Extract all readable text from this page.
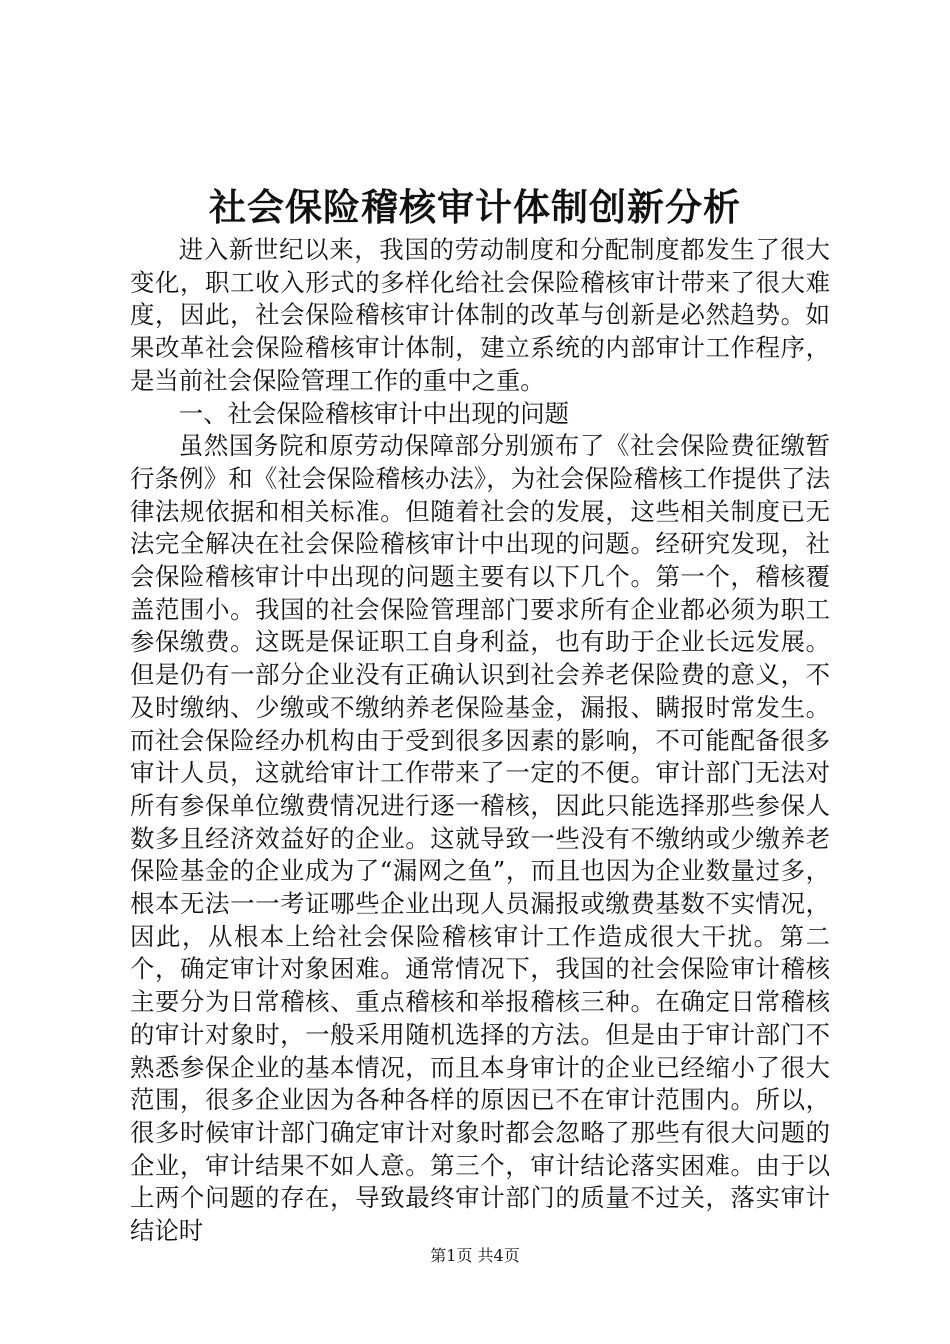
社会保险稽核审计体制创新分析

进入新世纪以来，我国的劳动制度和分配制度都发生了很大变化，职工收入形式的多样化给社会保险稽核审计带来了很大难度，因此，社会保险稽核审计体制的改革与创新是必然趋势。如果改革社会保险稽核审计体制，建立系统的内部审计工作程序，是当前社会保险管理工作的重中之重。

一、社会保险稽核审计中出现的问题

虽然国务院和原劳动保障部分别颁布了《社会保险费征缴暂行条例》和《社会保险稽核办法》，为社会保险稽核工作提供了法律法规依据和相关标准。但随着社会的发展，这些相关制度已无法完全解决在社会保险稽核审计中出现的问题。经研究发现，社会保险稽核审计中出现的问题主要有以下几个。第一个，稽核覆盖范围小。我国的社会保险管理部门要求所有企业都必须为职工参保缴费。这既是保证职工自身利益，也有助于企业长远发展。但是仍有一部分企业没有正确认识到社会养老保险费的意义，不及时缴纳、少缴或不缴纳养老保险基金，漏报、瞒报时常发生。而社会保险经办机构由于受到很多因素的影响，不可能配备很多审计人员，这就给审计工作带来了一定的不便。审计部门无法对所有参保单位缴费情况进行逐一稽核，因此只能选择那些参保人数多且经济效益好的企业。这就导致一些没有不缴纳或少缴养老保险基金的企业成为了“漏网之鱼”，而且也因为企业数量过多，根本无法一一考证哪些企业出现人员漏报或缴费基数不实情况，因此，从根本上给社会保险稽核审计工作造成很大干扰。第二个，确定审计对象困难。通常情况下，我国的社会保险审计稽核主要分为日常稽核、重点稽核和举报稽核三种。在确定日常稽核的审计对象时，一般采用随机选择的方法。但是由于审计部门不熟悉参保企业的基本情况，而且本身审计的企业已经缩小了很大范围，很多企业因为各种各样的原因已不在审计范围内。所以，很多时候审计部门确定审计对象时都会忽略了那些有很大问题的企业，审计结果不如人意。第三个，审计结论落实困难。由于以上两个问题的存在，导致最终审计部门的质量不过关，落实审计结论时

第1页 共4页
